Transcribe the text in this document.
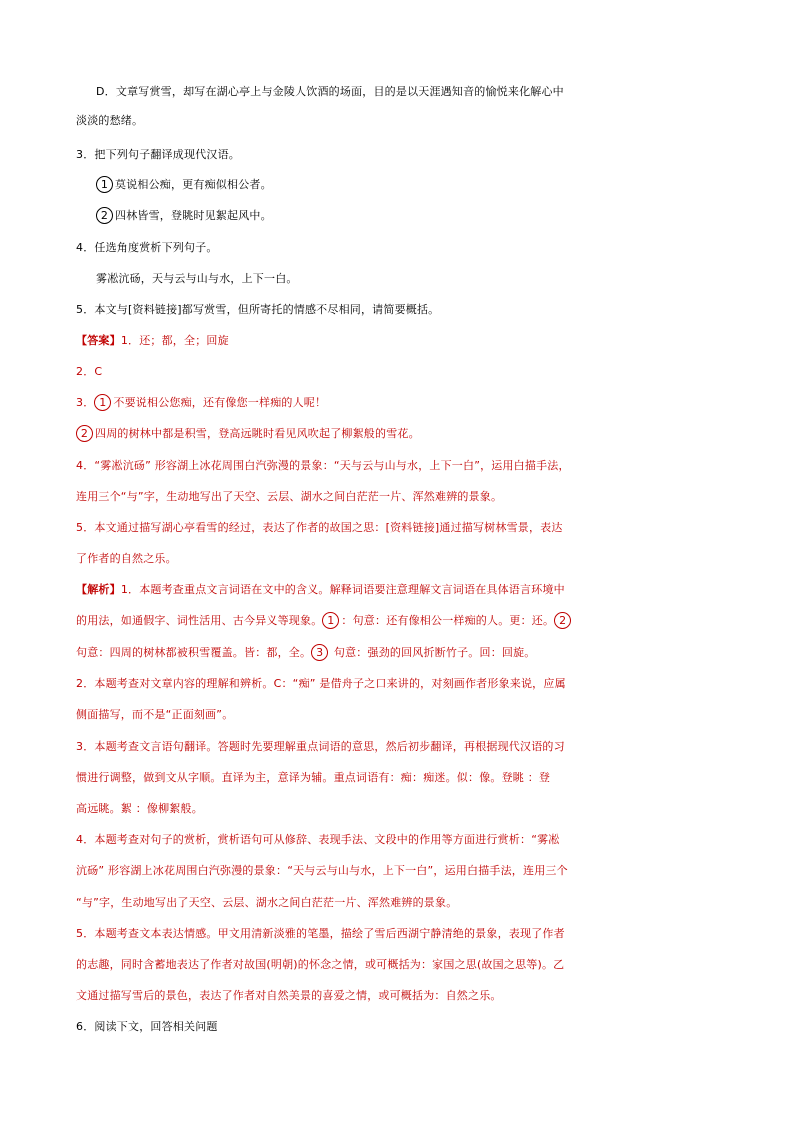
D．文章写赏雪，却写在湖心亭上与金陵人饮酒的场面，目的是以天涯遇知音的愉悦来化解心中
淡淡的愁绪。
3．把下列句子翻译成现代汉语。
1 莫说相公痴，更有痴似相公者。
2 四林皆雪，登眺时见絮起风中。
4．任选角度赏析下列句子。
雾凇沆砀，天与云与山与水，上下一白。
5．本文与[资料链接]都写赏雪，但所寄托的情感不尽相同，请简要概括。
【答案】1．还；都，全；回旋
2．C
3． 1 不要说相公您痴，还有像您一样痴的人呢！
2 四周的树林中都是积雪，登高远眺时看见风吹起了柳絮般的雪花。
4．“雾凇沆砀” 形容湖上冰花周围白汽弥漫的景象：“天与云与山与水，上下一白”，运用白描手法，
连用三个“与”字，生动地写出了天空、云层、湖水之间白茫茫一片、浑然难辨的景象。
5．本文通过描写湖心亭看雪的经过，表达了作者的故国之思：[资料链接]通过描写树林雪景，表达
了作者的自然之乐。
【解析】1．本题考查重点文言词语在文中的含义。解释词语要注意理解文言词语在具体语言环境中
的用法，如通假字、词性活用、古今异义等现象。 1 ：句意：还有像相公一样痴的人。更：还。 2
句意：四周的树林都被积雪覆盖。皆：都，全。 3 句意：强劲的回风折断竹子。回：回旋。
2．本题考查对文章内容的理解和辨析。C：“痴” 是借舟子之口来讲的，对刻画作者形象来说，应属
侧面描写，而不是“正面刻画”。
3．本题考查文言语句翻译。答题时先要理解重点词语的意思，然后初步翻译，再根据现代汉语的习
惯进行调整，做到文从字顺。直译为主，意译为辅。重点词语有：痴：痴迷。似：像。登眺 ：登
高远眺。絮 ：像柳絮般。
4．本题考查对句子的赏析，赏析语句可从修辞、表现手法、文段中的作用等方面进行赏析：“雾凇
沆砀” 形容湖上冰花周围白汽弥漫的景象：“天与云与山与水，上下一白”，运用白描手法，连用三个
“与”字，生动地写出了天空、云层、湖水之间白茫茫一片、浑然难辨的景象。
5．本题考查文本表达情感。甲文用清新淡雅的笔墨，描绘了雪后西湖宁静清绝的景象，表现了作者
的志趣，同时含蓄地表达了作者对故国(明朝)的怀念之情，或可概括为：家国之思(故国之思等)。乙
文通过描写雪后的景色，表达了作者对自然美景的喜爱之情，或可概括为：自然之乐。
6．阅读下文，回答相关问题
